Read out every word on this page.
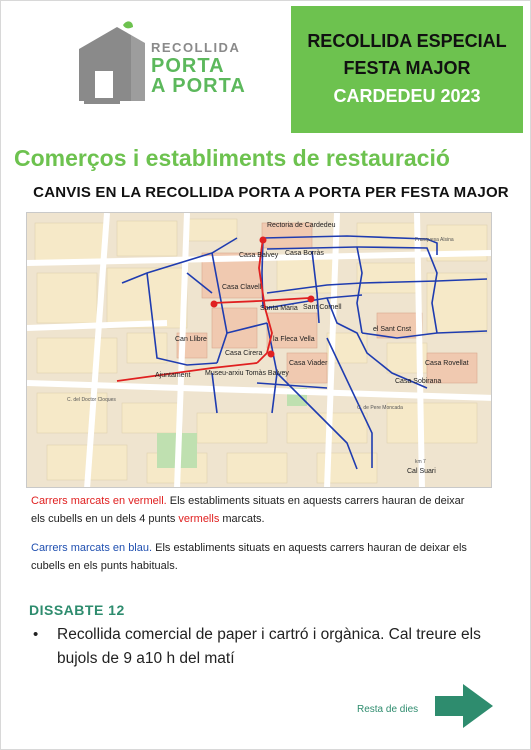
RECOLLIDA
PORTA
A PORTA
RECOLLIDA ESPECIAL
FESTA MAJOR
CARDEDEU 2023
Comerços i establiments de restauració
CANVIS EN LA RECOLLIDA PORTA A PORTA PER FESTA MAJOR
Rectoria de Cardedeu
Casa Balvey Casa Borràs
Casa Clavell
Santa Maria Sant Cornell
el Sant Cnst
Can Llibre
Casa Cirera
la Fleca Vella
Casa Viader
Casa Sobirana
Casa Rovellat
Ajuntament Museu-arxiu Tomàs Balvey
C. de Pere Moncada
km 7
Cal Suari
Franquesa Alsina
C. del Doctor Cloques
Carrers marcats en vermell. Els establiments situats en aquests carrers hauran de deixar els cubells en un dels 4 punts vermells marcats.
Carrers marcats en blau. Els establiments situats en aquests carrers hauran de deixar els cubells en els punts habituals.
DISSABTE 12
• Recollida comercial de paper i cartró i orgànica. Cal treure els bujols de 9 a10 h del matí
Resta de dies
